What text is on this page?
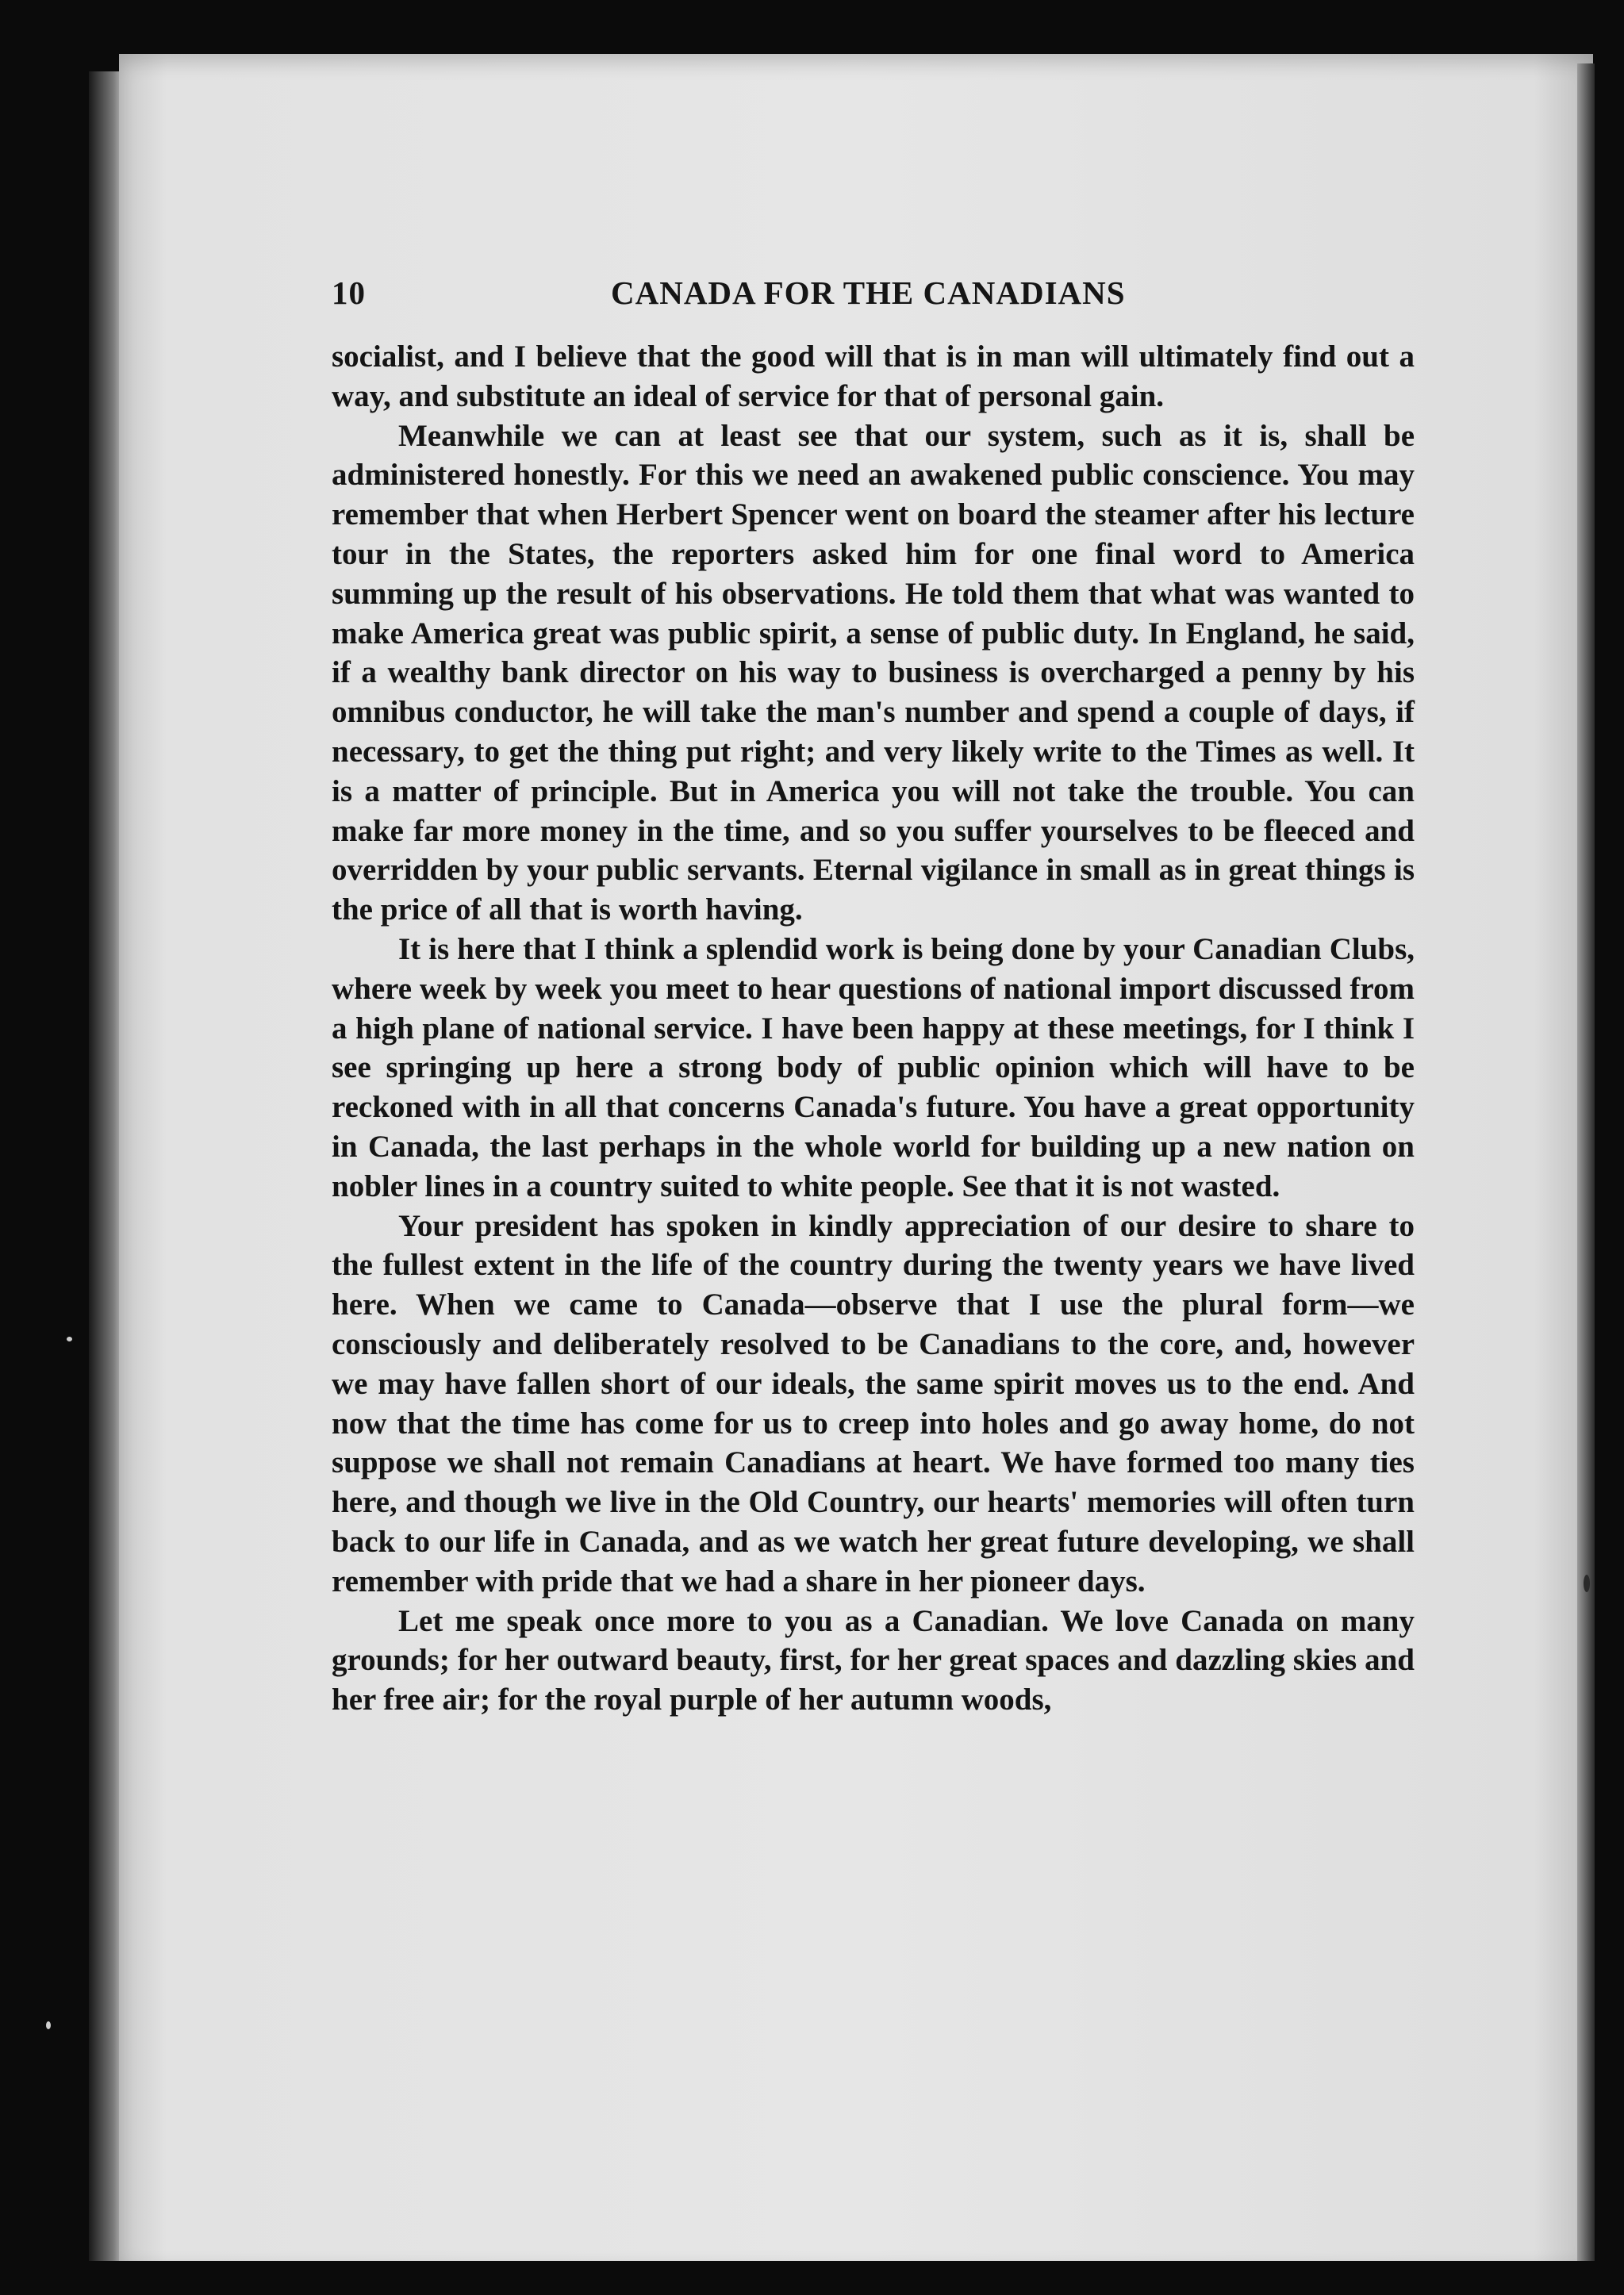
10	CANADA FOR THE CANADIANS

socialist, and I believe that the good will that is in man will ultimately find out a way, and substitute an ideal of service for that of personal gain.

Meanwhile we can at least see that our system, such as it is, shall be administered honestly. For this we need an awakened public conscience. You may remember that when Herbert Spencer went on board the steamer after his lecture tour in the States, the reporters asked him for one final word to America summing up the result of his observations. He told them that what was wanted to make America great was public spirit, a sense of public duty. In England, he said, if a wealthy bank director on his way to business is overcharged a penny by his omnibus conductor, he will take the man's number and spend a couple of days, if necessary, to get the thing put right; and very likely write to the Times as well. It is a matter of principle. But in America you will not take the trouble. You can make far more money in the time, and so you suffer yourselves to be fleeced and overridden by your public servants. Eternal vigilance in small as in great things is the price of all that is worth having.

It is here that I think a splendid work is being done by your Canadian Clubs, where week by week you meet to hear questions of national import discussed from a high plane of national service. I have been happy at these meetings, for I think I see springing up here a strong body of public opinion which will have to be reckoned with in all that concerns Canada's future. You have a great opportunity in Canada, the last perhaps in the whole world for building up a new nation on nobler lines in a country suited to white people. See that it is not wasted.

Your president has spoken in kindly appreciation of our desire to share to the fullest extent in the life of the country during the twenty years we have lived here. When we came to Canada—observe that I use the plural form—we consciously and deliberately resolved to be Canadians to the core, and, however we may have fallen short of our ideals, the same spirit moves us to the end. And now that the time has come for us to creep into holes and go away home, do not suppose we shall not remain Canadians at heart. We have formed too many ties here, and though we live in the Old Country, our hearts' memories will often turn back to our life in Canada, and as we watch her great future developing, we shall remember with pride that we had a share in her pioneer days.

Let me speak once more to you as a Canadian. We love Canada on many grounds; for her outward beauty, first, for her great spaces and dazzling skies and her free air; for the royal purple of her autumn woods,
